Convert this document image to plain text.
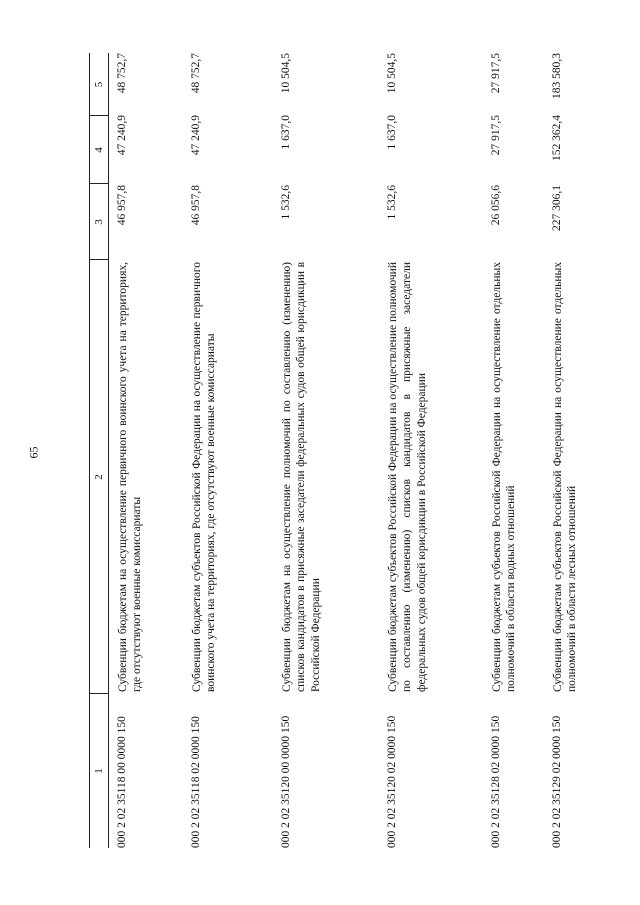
65
1
2
3
4
5
000 2 02 35118 00 0000 150
Субвенции бюджетам на осуществление первичного воинского учета на территориях, где отсутствуют военные комиссариаты
46 957,8
47 240,9
48 752,7
000 2 02 35118 02 0000 150
Субвенции бюджетам субъектов Российской Федерации на осуществление первичного воинского учета на территориях, где отсутствуют военные комиссариаты
46 957,8
47 240,9
48 752,7
000 2 02 35120 00 0000 150
Субвенции бюджетам на осуществление полномочий по составлению (изменению) списков кандидатов в присяжные заседатели федеральных судов общей юрисдикции в Российской Федерации
1 532,6
1 637,0
10 504,5
000 2 02 35120 02 0000 150
Субвенции бюджетам субъектов Российской Федерации на осуществление полномочий по составлению (изменению) списков кандидатов в присяжные заседатели федеральных судов общей юрисдикции в Российской Федерации
1 532,6
1 637,0
10 504,5
000 2 02 35128 02 0000 150
Субвенции бюджетам субъектов Российской Федерации на осуществление отдельных полномочий в области водных отношений
26 056,6
27 917,5
27 917,5
000 2 02 35129 02 0000 150
Субвенции бюджетам субъектов Российской Федерации на осуществление отдельных полномочий в области лесных отношений
227 306,1
152 362,4
183 580,3
